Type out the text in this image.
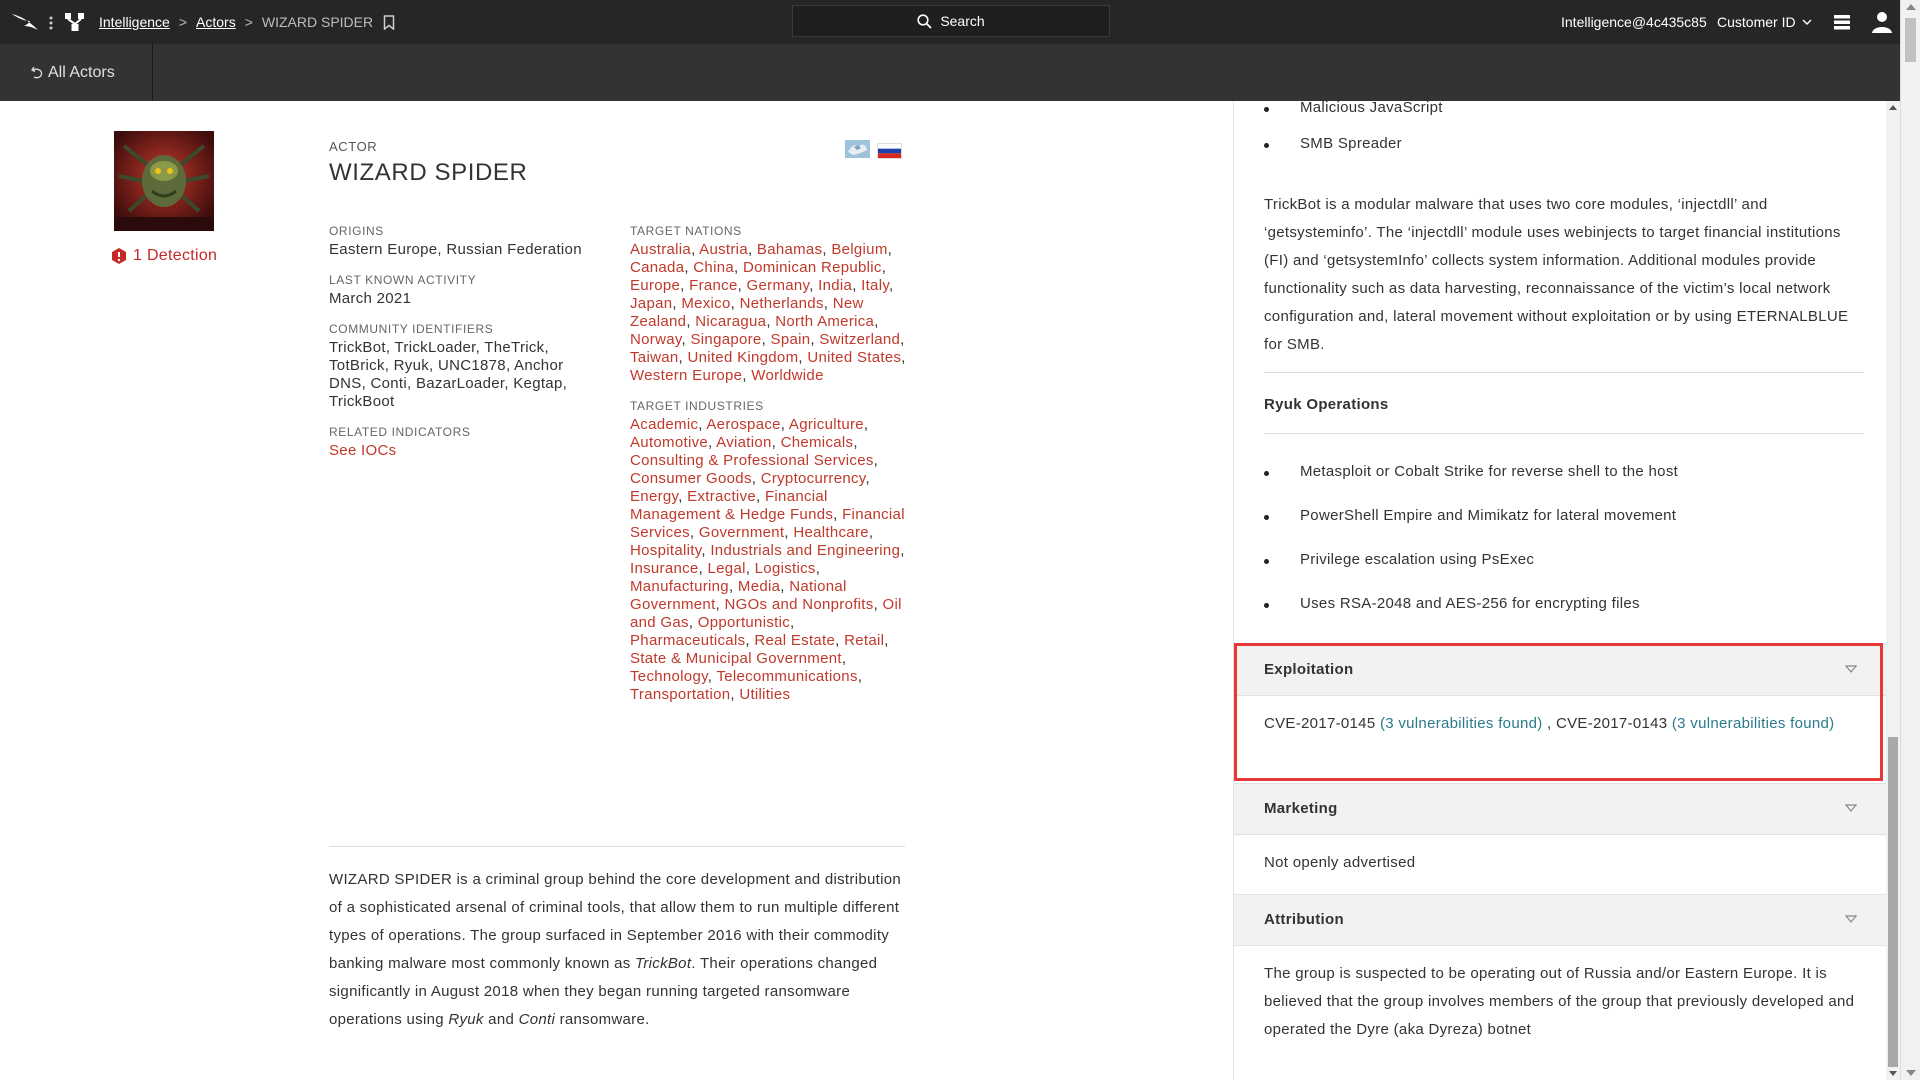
Intelligence > Actors > WIZARD SPIDER	Search	Intelligence@4c435c85 Customer ID
All Actors
1 Detection
ACTOR
WIZARD SPIDER
ORIGINS
Eastern Europe, Russian Federation
LAST KNOWN ACTIVITY
March 2021
COMMUNITY IDENTIFIERS
TrickBot, TrickLoader, TheTrick, TotBrick, Ryuk, UNC1878, Anchor DNS, Conti, BazarLoader, Kegtap, TrickBoot
RELATED INDICATORS
See IOCs
TARGET NATIONS
Australia, Austria, Bahamas, Belgium, Canada, China, Dominican Republic, Europe, France, Germany, India, Italy, Japan, Mexico, Netherlands, New Zealand, Nicaragua, North America, Norway, Singapore, Spain, Switzerland, Taiwan, United Kingdom, United States, Western Europe, Worldwide
TARGET INDUSTRIES
Academic, Aerospace, Agriculture, Automotive, Aviation, Chemicals, Consulting & Professional Services, Consumer Goods, Cryptocurrency, Energy, Extractive, Financial Management & Hedge Funds, Financial Services, Government, Healthcare, Hospitality, Industrials and Engineering, Insurance, Legal, Logistics, Manufacturing, Media, National Government, NGOs and Nonprofits, Oil and Gas, Opportunistic, Pharmaceuticals, Real Estate, Retail, State & Municipal Government, Technology, Telecommunications, Transportation, Utilities
WIZARD SPIDER is a criminal group behind the core development and distribution of a sophisticated arsenal of criminal tools, that allow them to run multiple different types of operations. The group surfaced in September 2016 with their commodity banking malware most commonly known as TrickBot. Their operations changed significantly in August 2018 when they began running targeted ransomware operations using Ryuk and Conti ransomware.
Malicious JavaScript
SMB Spreader
TrickBot is a modular malware that uses two core modules, ‘injectdll’ and ‘getsysteminfo’. The ‘injectdll’ module uses webinjects to target financial institutions (FI) and ‘getsystemInfo’ collects system information. Additional modules provide functionality such as data harvesting, reconnaissance of the victim’s local network configuration and, lateral movement without exploitation or by using ETERNALBLUE for SMB.
Ryuk Operations
Metasploit or Cobalt Strike for reverse shell to the host
PowerShell Empire and Mimikatz for lateral movement
Privilege escalation using PsExec
Uses RSA-2048 and AES-256 for encrypting files
Exploitation
CVE-2017-0145 (3 vulnerabilities found) , CVE-2017-0143 (3 vulnerabilities found)
Marketing
Not openly advertised
Attribution
The group is suspected to be operating out of Russia and/or Eastern Europe. It is believed that the group involves members of the group that previously developed and operated the Dyre (aka Dyreza) botnet
